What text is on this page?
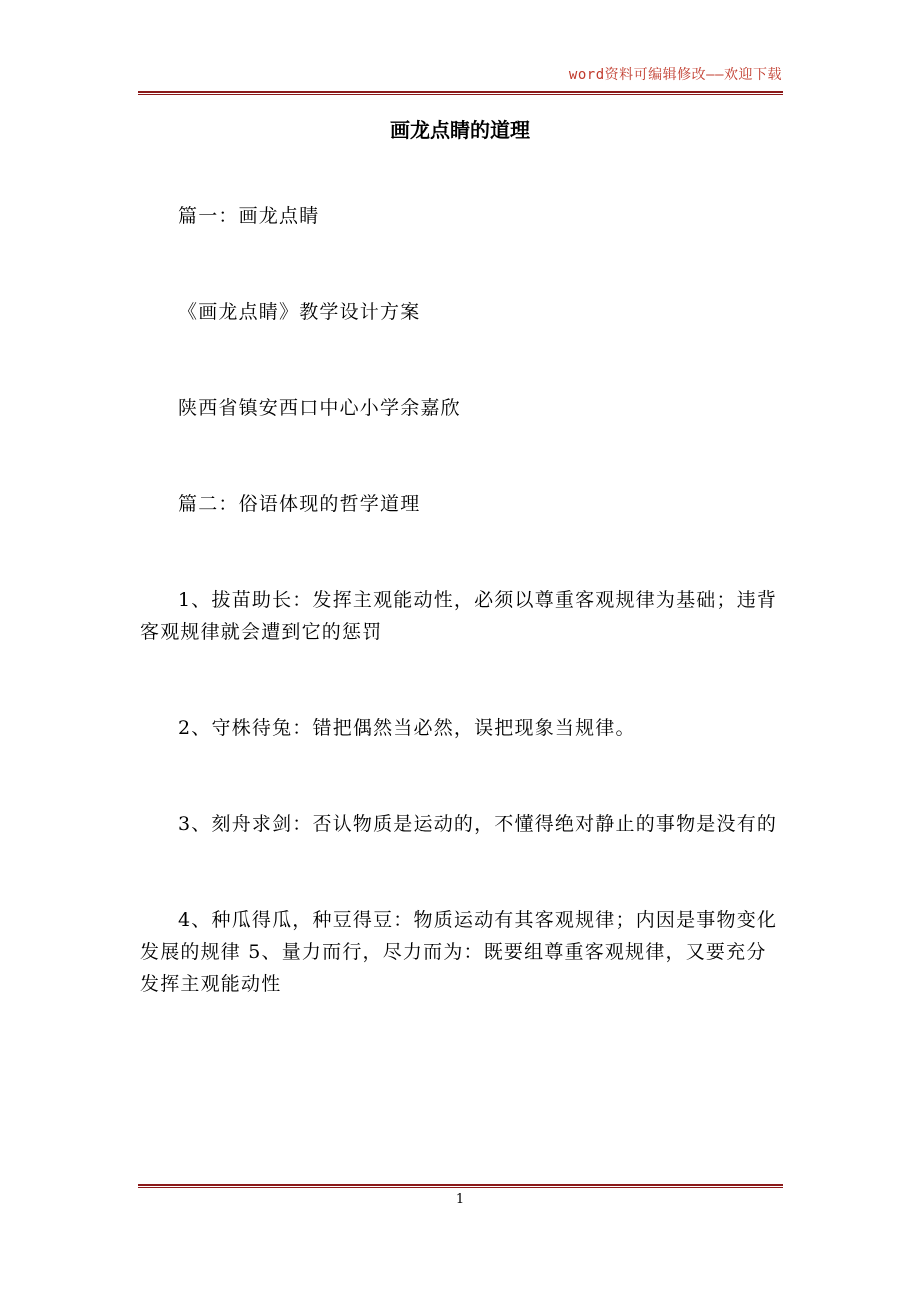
word资料可编辑修改——欢迎下载
画龙点睛的道理

篇一：画龙点睛

《画龙点睛》教学设计方案

陕西省镇安西口中心小学余嘉欣

篇二：俗语体现的哲学道理

1、拔苗助长：发挥主观能动性，必须以尊重客观规律为基础；违背客观规律就会遭到它的惩罚

2、守株待兔：错把偶然当必然，误把现象当规律。

3、刻舟求剑：否认物质是运动的，不懂得绝对静止的事物是没有的

4、种瓜得瓜，种豆得豆：物质运动有其客观规律；内因是事物变化发展的规律 5、量力而行，尽力而为：既要组尊重客观规律，又要充分发挥主观能动性

1
